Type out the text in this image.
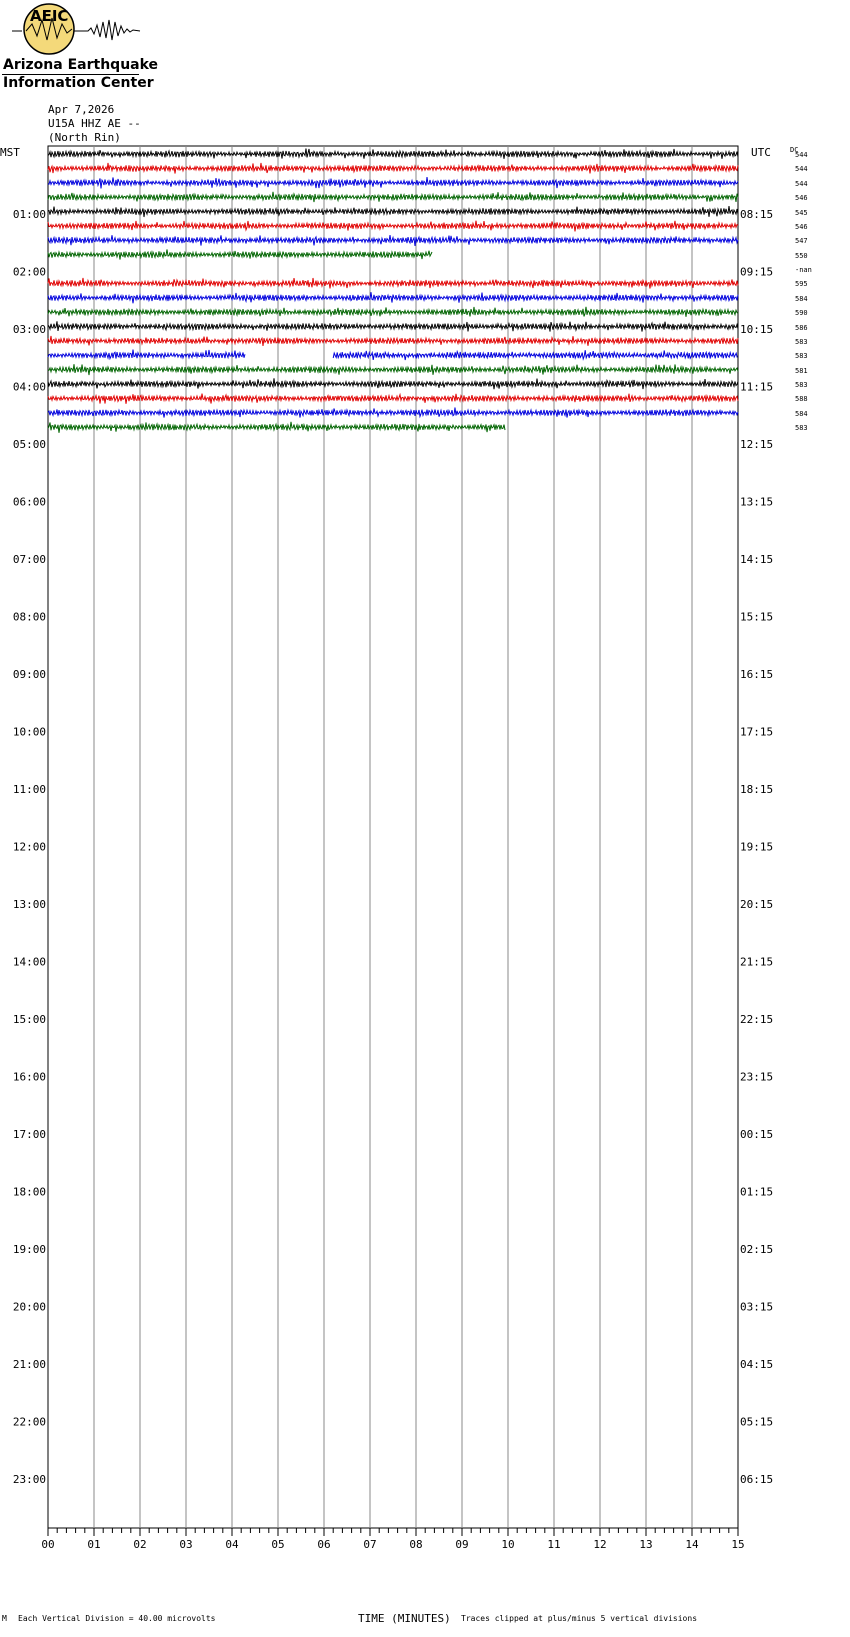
AEIC
Arizona Earthquake
Information Center
Apr 7,2026
U15A HHZ AE --
(North Rin)
MST	UTC	DC
00	01	02	03	04	05	06	07	08	09	10	11	12	13	14	15
01:00
02:00
03:00
04:00
05:00
06:00
07:00
08:00
09:00
10:00
11:00
12:00
13:00
14:00
15:00
16:00
17:00
18:00
19:00
20:00
21:00
22:00
23:00
08:15
09:15
10:15
11:15
12:15
13:15
14:15
15:15
16:15
17:15
18:15
19:15
20:15
21:15
22:15
23:15
00:15
01:15
02:15
03:15
04:15
05:15
06:15
M Each Vertical Division = 40.00 microvolts	TIME (MINUTES) Traces clipped at plus/minus 5 vertical divisions
544
544
544
546
545
546
547
550
-nan
595
584
590
586
583
583
581
583
588
584
583
